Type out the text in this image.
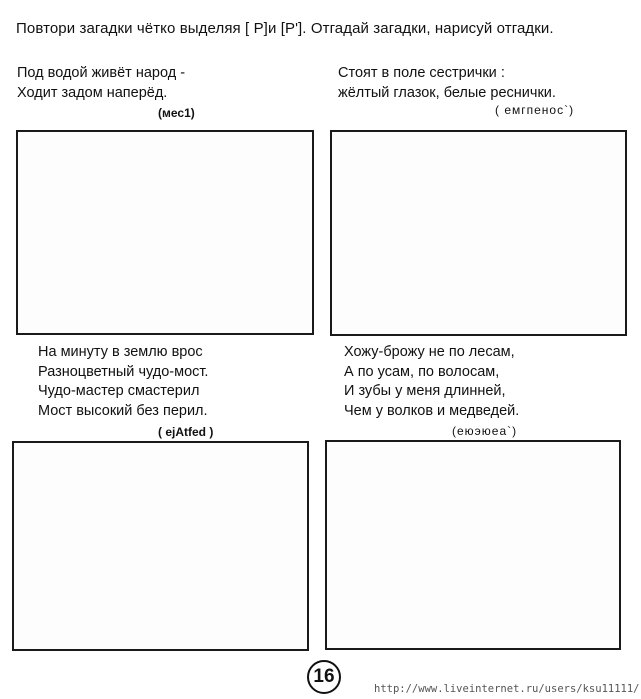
Повтори загадки чётко выделяя [ Р]и [Р']. Отгадай загадки, нарисуй отгадки.
Под водой живёт народ -
Ходит задом наперёд.
(мес1)
Стоят в поле сестрички :
жёлтый глазок, белые реснички.
( емгпенос`)
На минуту в землю врос
Разноцветный чудо-мост.
Чудо-мастер смастерил
Мост высокий без перил.
( ejAtfed )
Хожу-брожу не по лесам,
А по усам, по волосам,
И зубы у меня длинней,
Чем у волков и медведей.
(еюэюеа`)
16
http://www.liveinternet.ru/users/ksu11111/
